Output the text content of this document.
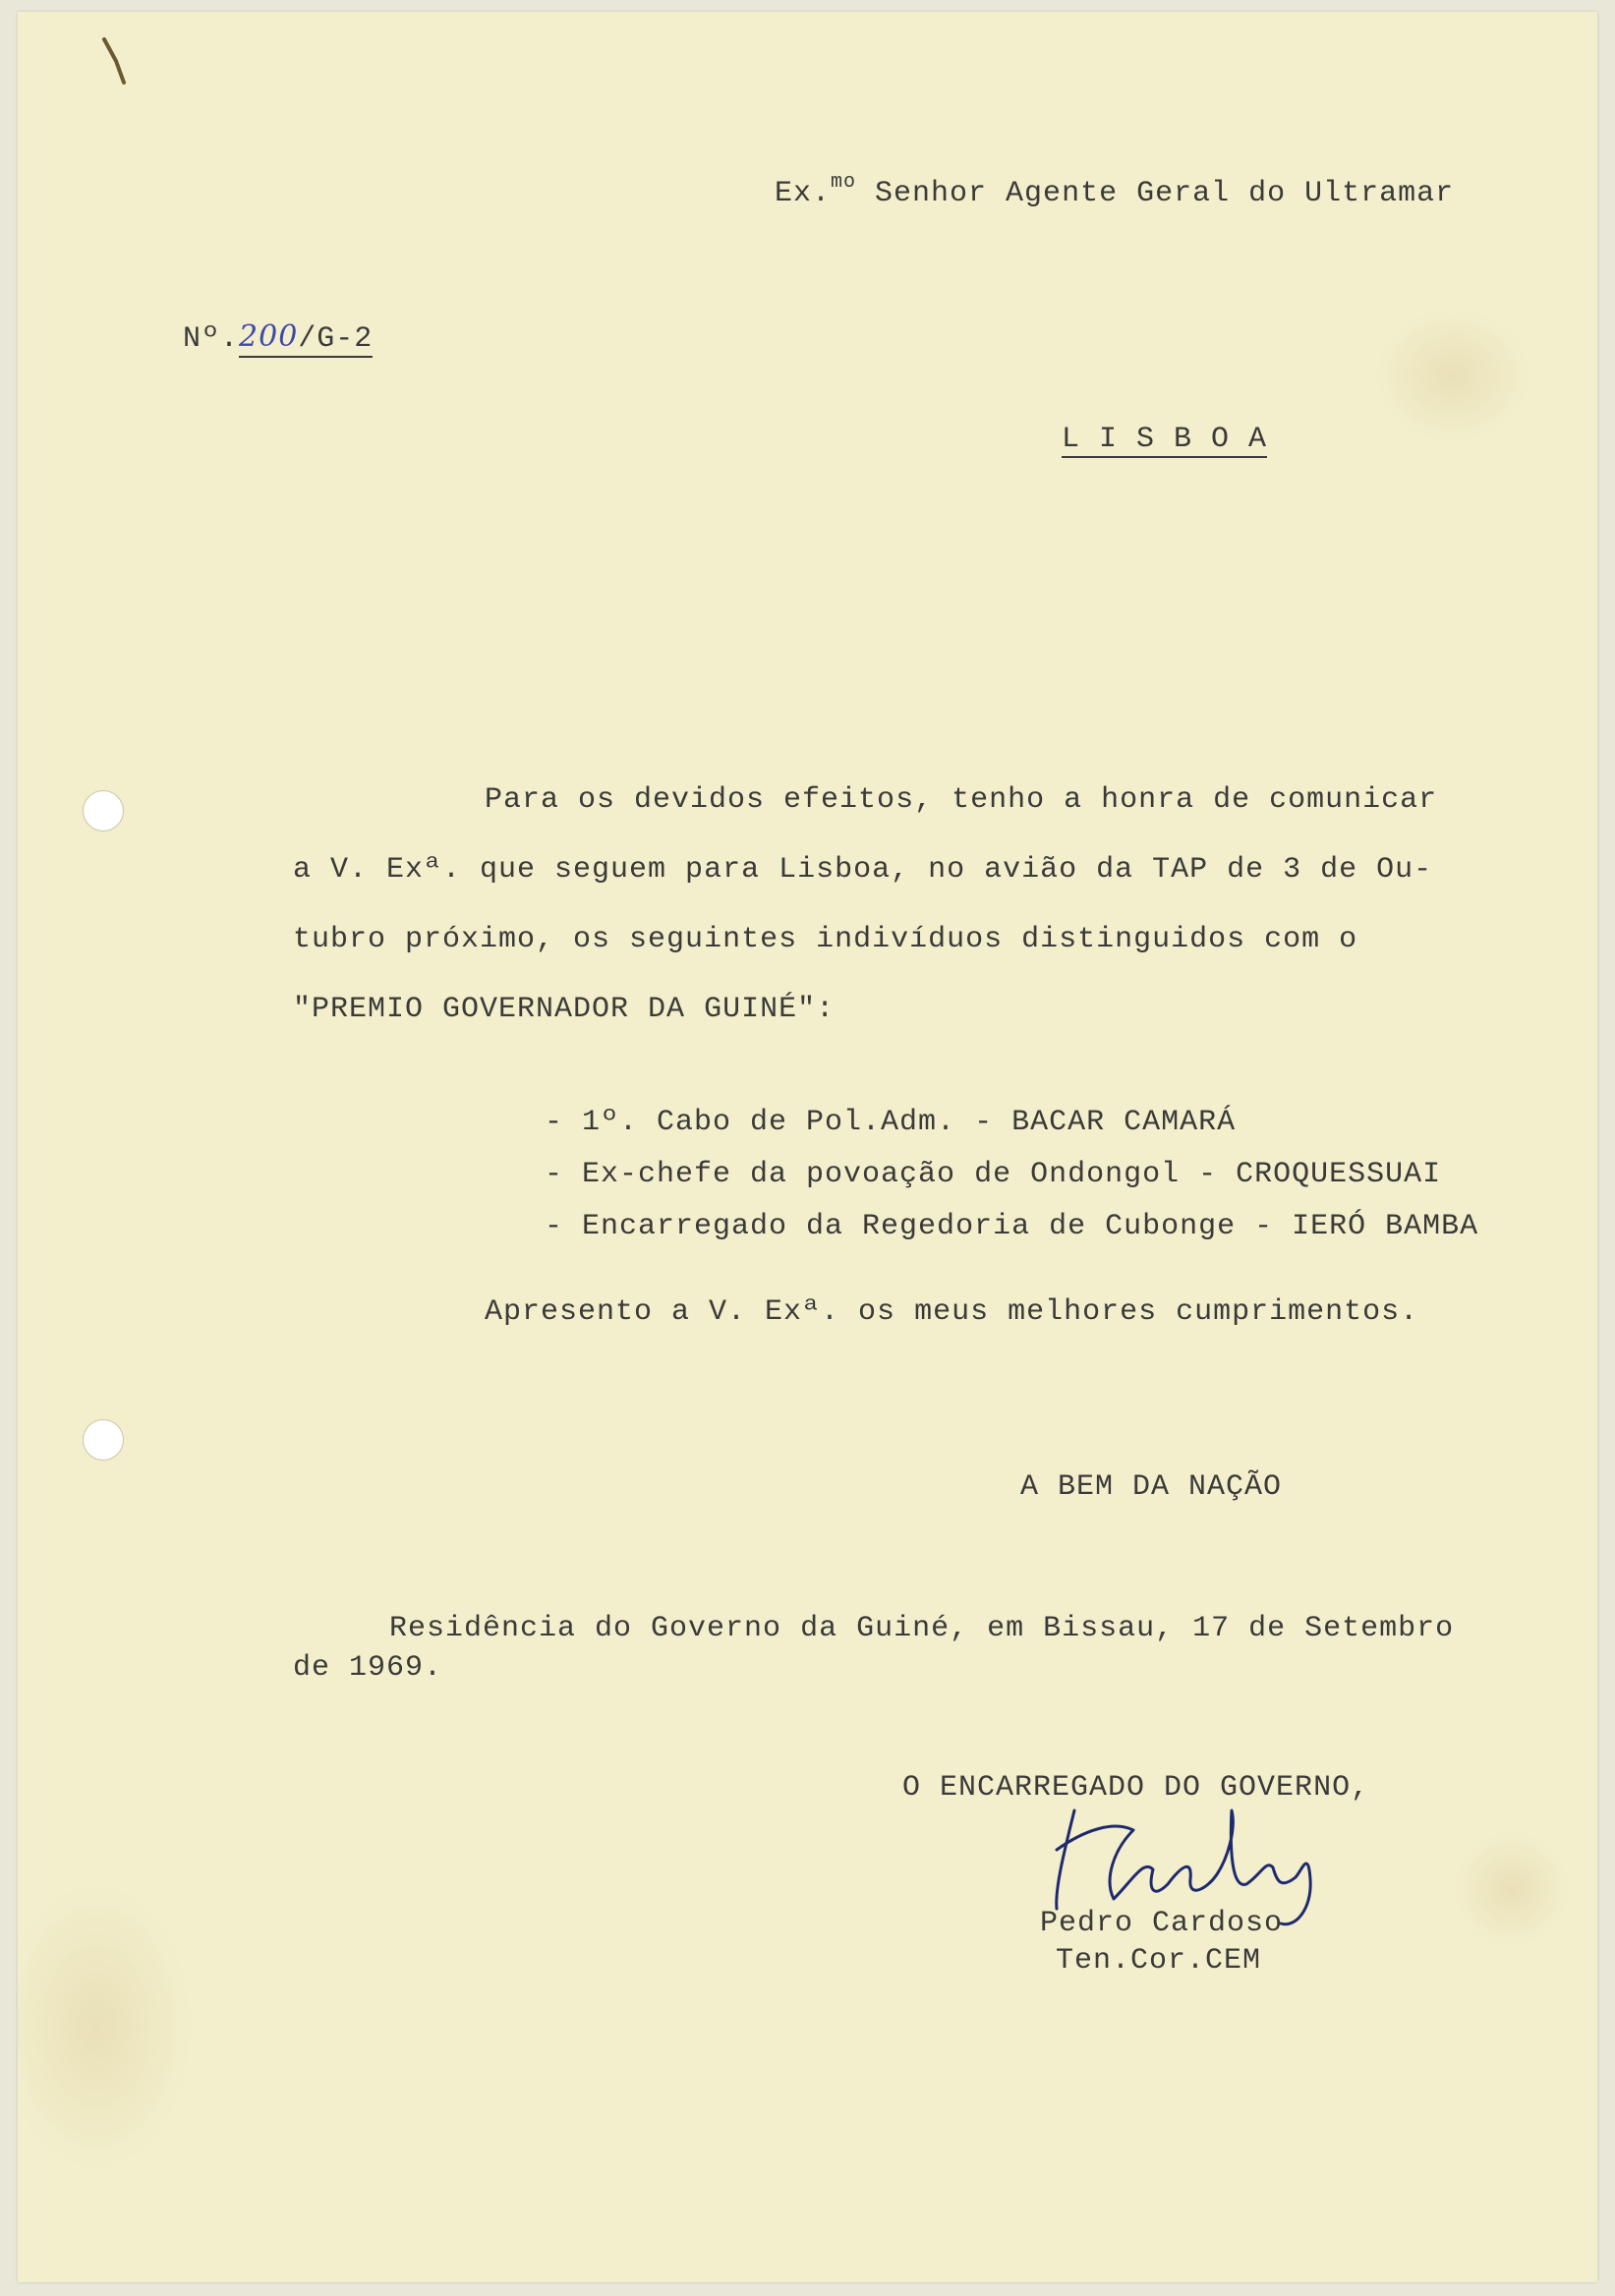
Ex.$^{mo}$ Senhor Agente Geral do Ultramar
Nº.200/G-2
L I S B O A
Para os devidos efeitos, tenho a honra de comunicar
a V. Exª. que seguem para Lisboa, no avião da TAP de 3 de Ou-
tubro próximo, os seguintes indivíduos distinguidos com o
"PREMIO GOVERNADOR DA GUINÉ":
- 1º. Cabo de Pol.Adm. - BACAR CAMARÁ
- Ex-chefe da povoação de Ondongol - CROQUESSUAI
- Encarregado da Regedoria de Cubonge - IERÓ BAMBA
Apresento a V. Exª. os meus melhores cumprimentos.
A BEM DA NAÇÃO
Residência do Governo da Guiné, em Bissau, 17 de Setembro
de 1969.
O ENCARREGADO DO GOVERNO,
Pedro Cardoso
Ten.Cor.CEM
